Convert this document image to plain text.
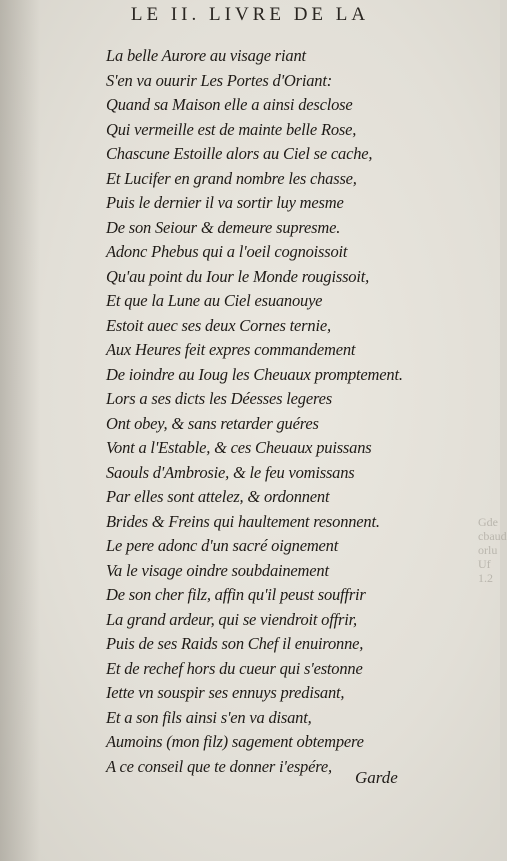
LE II. LIVRE DE LA
La belle Aurore au visage riant
S'en va ouurir Les Portes d'Oriant:
Quand sa Maison elle a ainsi desclose
Qui vermeille est de mainte belle Rose,
Chascune Estoille alors au Ciel se cache,
Et Lucifer en grand nombre les chasse,
Puis le dernier il va sortir luy mesme
De son Seiour & demeure supresme.
Adonc Phebus qui a l'oeil cognoissoit
Qu'au point du Iour le Monde rougissoit,
Et que la Lune au Ciel esuanouye
Estoit auec ses deux Cornes ternie,
Aux Heures feit expres commandement
De ioindre au Ioug les Cheuaux promptement.
Lors a ses dicts les Déesses legeres
Ont obey, & sans retarder guéres
Vont a l'Estable, & ces Cheuaux puissans
Saouls d'Ambrosie, & le feu vomissans
Par elles sont attelez, & ordonnent
Brides & Freins qui haultement resonnent.
Le pere adonc d'un sacré oignement
Va le visage oindre soubdainement
De son cher filz, affin qu'il peust souffrir
La grand ardeur, qui se viendroit offrir,
Puis de ses Raids son Chef il enuironne,
Et de rechef hors du cueur qui s'estonne
Iette vn souspir ses ennuys predisant,
Et a son fils ainsi s'en va disant,
Aumoins (mon filz) sagement obtempere
A ce conseil que te donner i'espére,
Garde
Gde
cbaud
orlu
Uf
1.2
